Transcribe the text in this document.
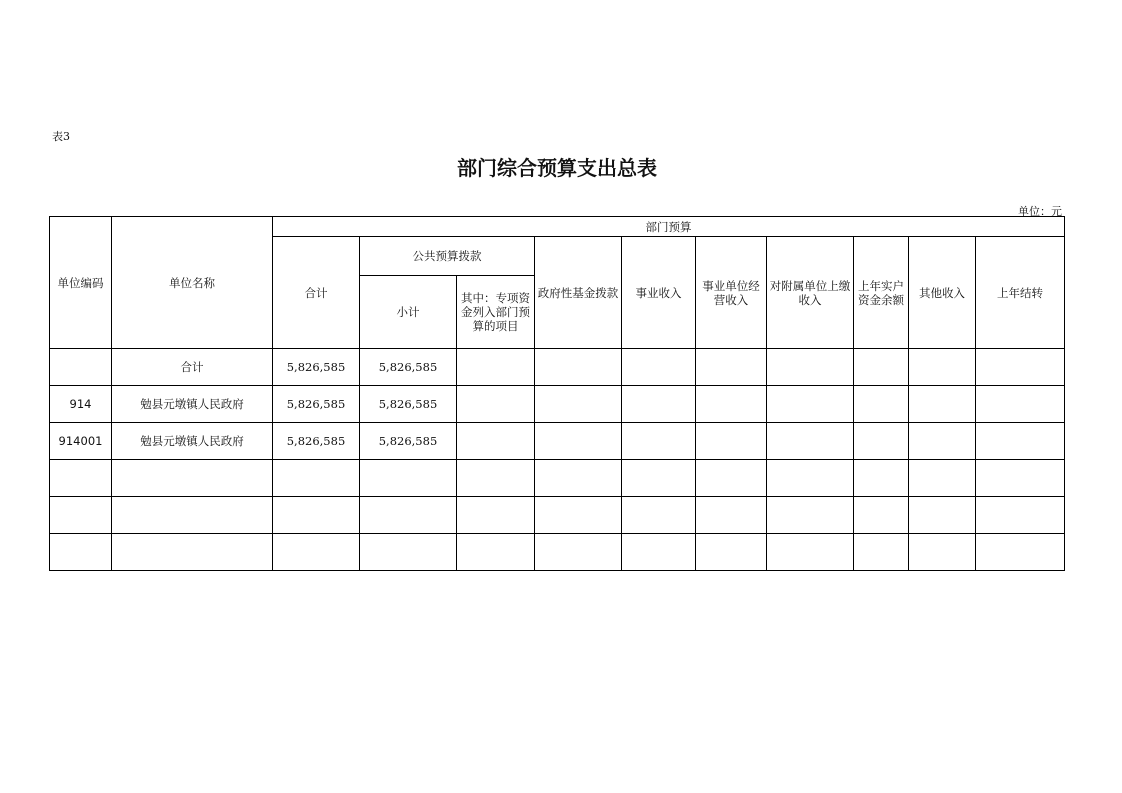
表3
部门综合预算支出总表
单位：元
单位编码	单位名称	部门预算									
		合计	公共预算拨款		政府性基金拨款	事业收入	事业单位经营收入	对附属单位上缴收入	上年实户资金余额	其他收入	上年结转
			小计	其中：专项资金列入部门预算的项目							
	合计	5,826,585	5,826,585								
914	勉县元墩镇人民政府	5,826,585	5,826,585								
914001	勉县元墩镇人民政府	5,826,585	5,826,585								
